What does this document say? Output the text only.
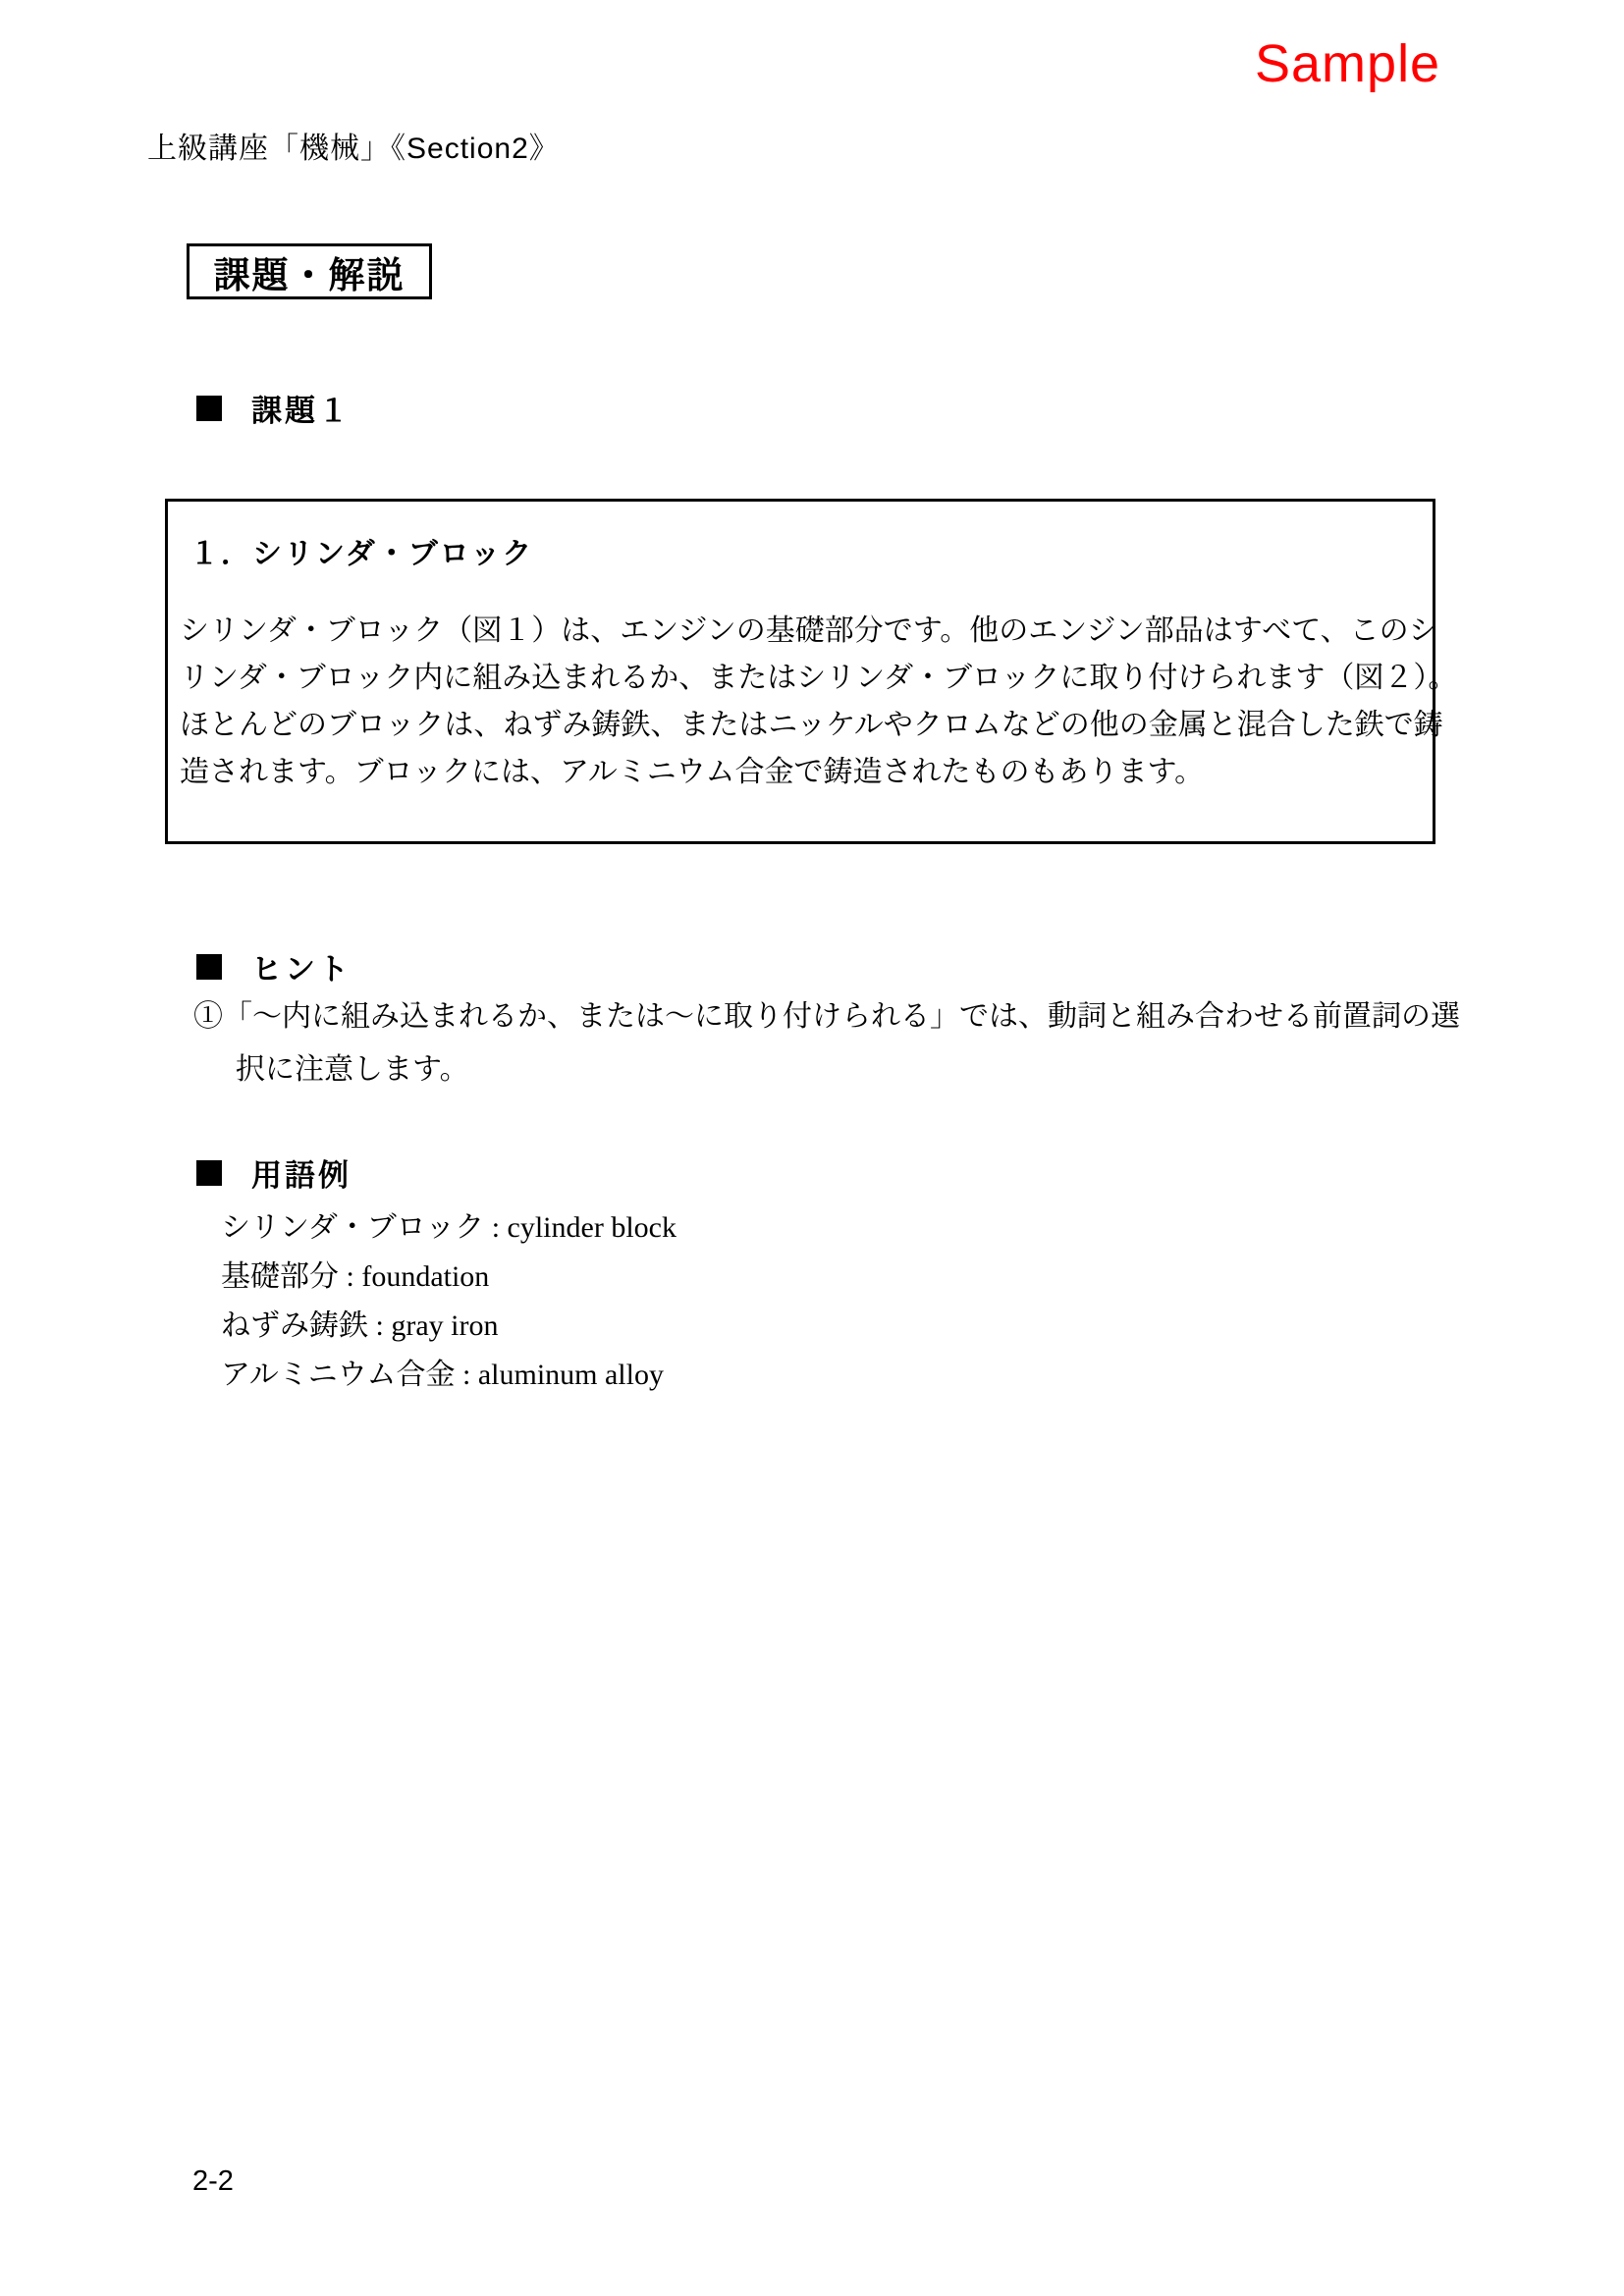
Sample
上級講座「機械」《Section2》
課題・解説
課題１
１．シリンダ・ブロック
シリンダ・ブロック（図１）は、エンジンの基礎部分です。他のエンジン部品はすべて、このシ
リンダ・ブロック内に組み込まれるか、またはシリンダ・ブロックに取り付けられます（図２）。
ほとんどのブロックは、ねずみ鋳鉄、またはニッケルやクロムなどの他の金属と混合した鉄で鋳
造されます。ブロックには、アルミニウム合金で鋳造されたものもあります。
ヒント
①「～内に組み込まれるか、または～に取り付けられる」では、動詞と組み合わせる前置詞の選
択に注意します。
用語例
シリンダ・ブロック : cylinder block
基礎部分 : foundation
ねずみ鋳鉄 : gray iron
アルミニウム合金 : aluminum alloy
2-2
